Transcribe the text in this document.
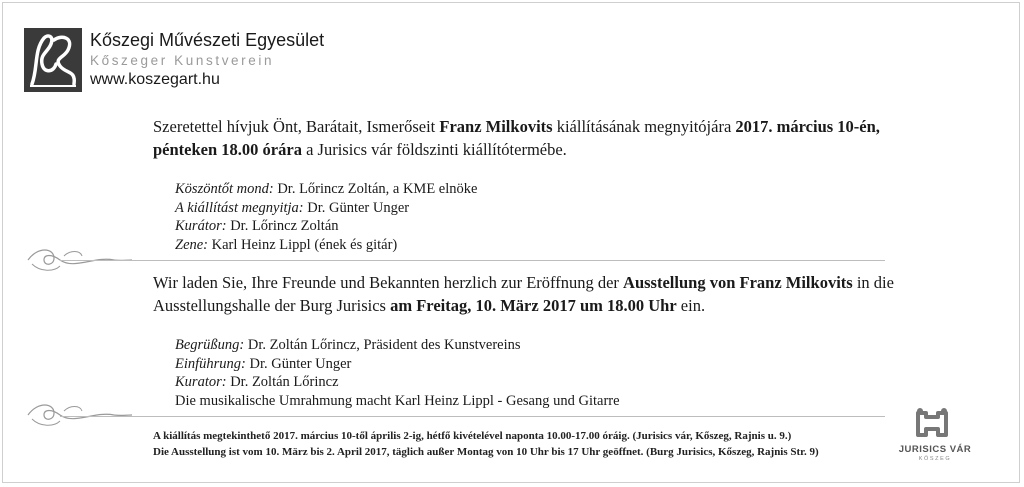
Kőszegi Művészeti Egyesület
Kőszeger Kunstverein
www.koszegart.hu
Szeretettel hívjuk Önt, Barátait, Ismerőseit Franz Milkovits kiállításának megnyitójára 2017. március 10-én, pénteken 18.00 órára a Jurisics vár földszinti kiállítótermébe.
Köszöntőt mond: Dr. Lőrincz Zoltán, a KME elnöke
A kiállítást megnyitja: Dr. Günter Unger
Kurátor: Dr. Lőrincz Zoltán
Zene: Karl Heinz Lippl (ének és gitár)
Wir laden Sie, Ihre Freunde und Bekannten herzlich zur Eröffnung der Ausstellung von Franz Milkovits in die Ausstellungshalle der Burg Jurisics am Freitag, 10. März 2017 um 18.00 Uhr ein.
Begrüßung: Dr. Zoltán Lőrincz, Präsident des Kunstvereins
Einführung: Dr. Günter Unger
Kurator: Dr. Zoltán Lőrincz
Die musikalische Umrahmung macht Karl Heinz Lippl - Gesang und Gitarre
A kiállítás megtekinthető 2017. március 10-től április 2-ig, hétfő kivételével naponta 10.00-17.00 óráig. (Jurisics vár, Kőszeg, Rajnis u. 9.)
Die Ausstellung ist vom 10. März bis 2. April 2017, täglich außer Montag von 10 Uhr bis 17 Uhr geöffnet. (Burg Jurisics, Kőszeg, Rajnis Str. 9)	JURISICS VÁR
KŐSZEG
